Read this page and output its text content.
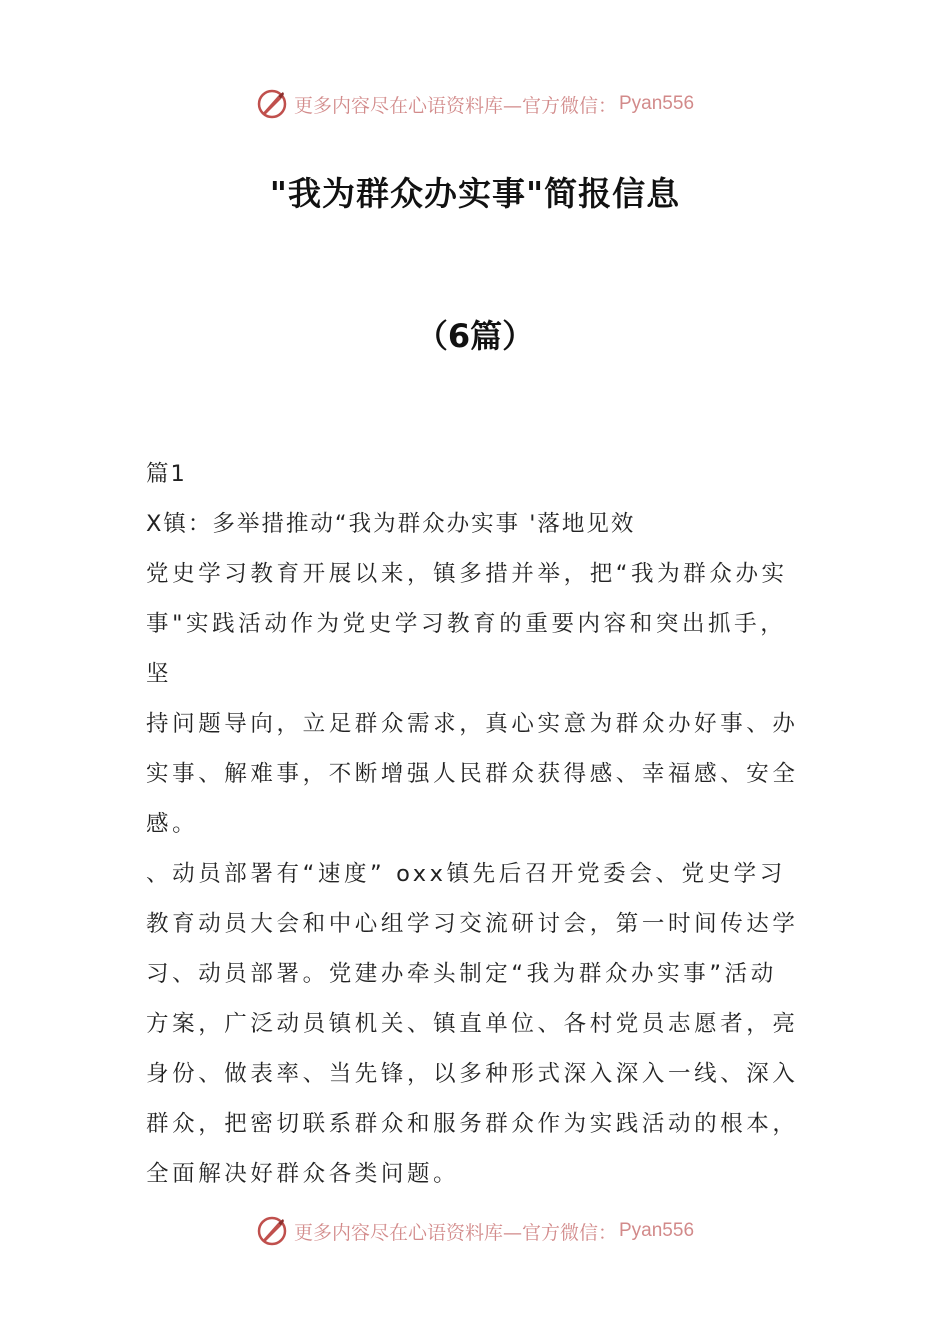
更多内容尽在心语资料库—官方微信： Pyan556
"我为群众办实事"简报信息
（6篇）

篇1

X镇：多举措推动“我为群众办实事 '落地见效

党史学习教育开展以来，镇多措并举，把“我为群众办实

事"实践活动作为党史学习教育的重要内容和突出抓手，坚

持问题导向，立足群众需求，真心实意为群众办好事、办

实事、解难事，不断增强人民群众获得感、幸福感、安全

感。

、动员部署有“速度” oxx镇先后召开党委会、党史学习

教育动员大会和中心组学习交流研讨会，第一时间传达学

习、动员部署。党建办牵头制定“我为群众办实事”活动

方案，广泛动员镇机关、镇直单位、各村党员志愿者，亮

身份、做表率、当先锋，以多种形式深入深入一线、深入

群众，把密切联系群众和服务群众作为实践活动的根本，

全面解决好群众各类问题。

更多内容尽在心语资料库—官方微信： Pyan556
